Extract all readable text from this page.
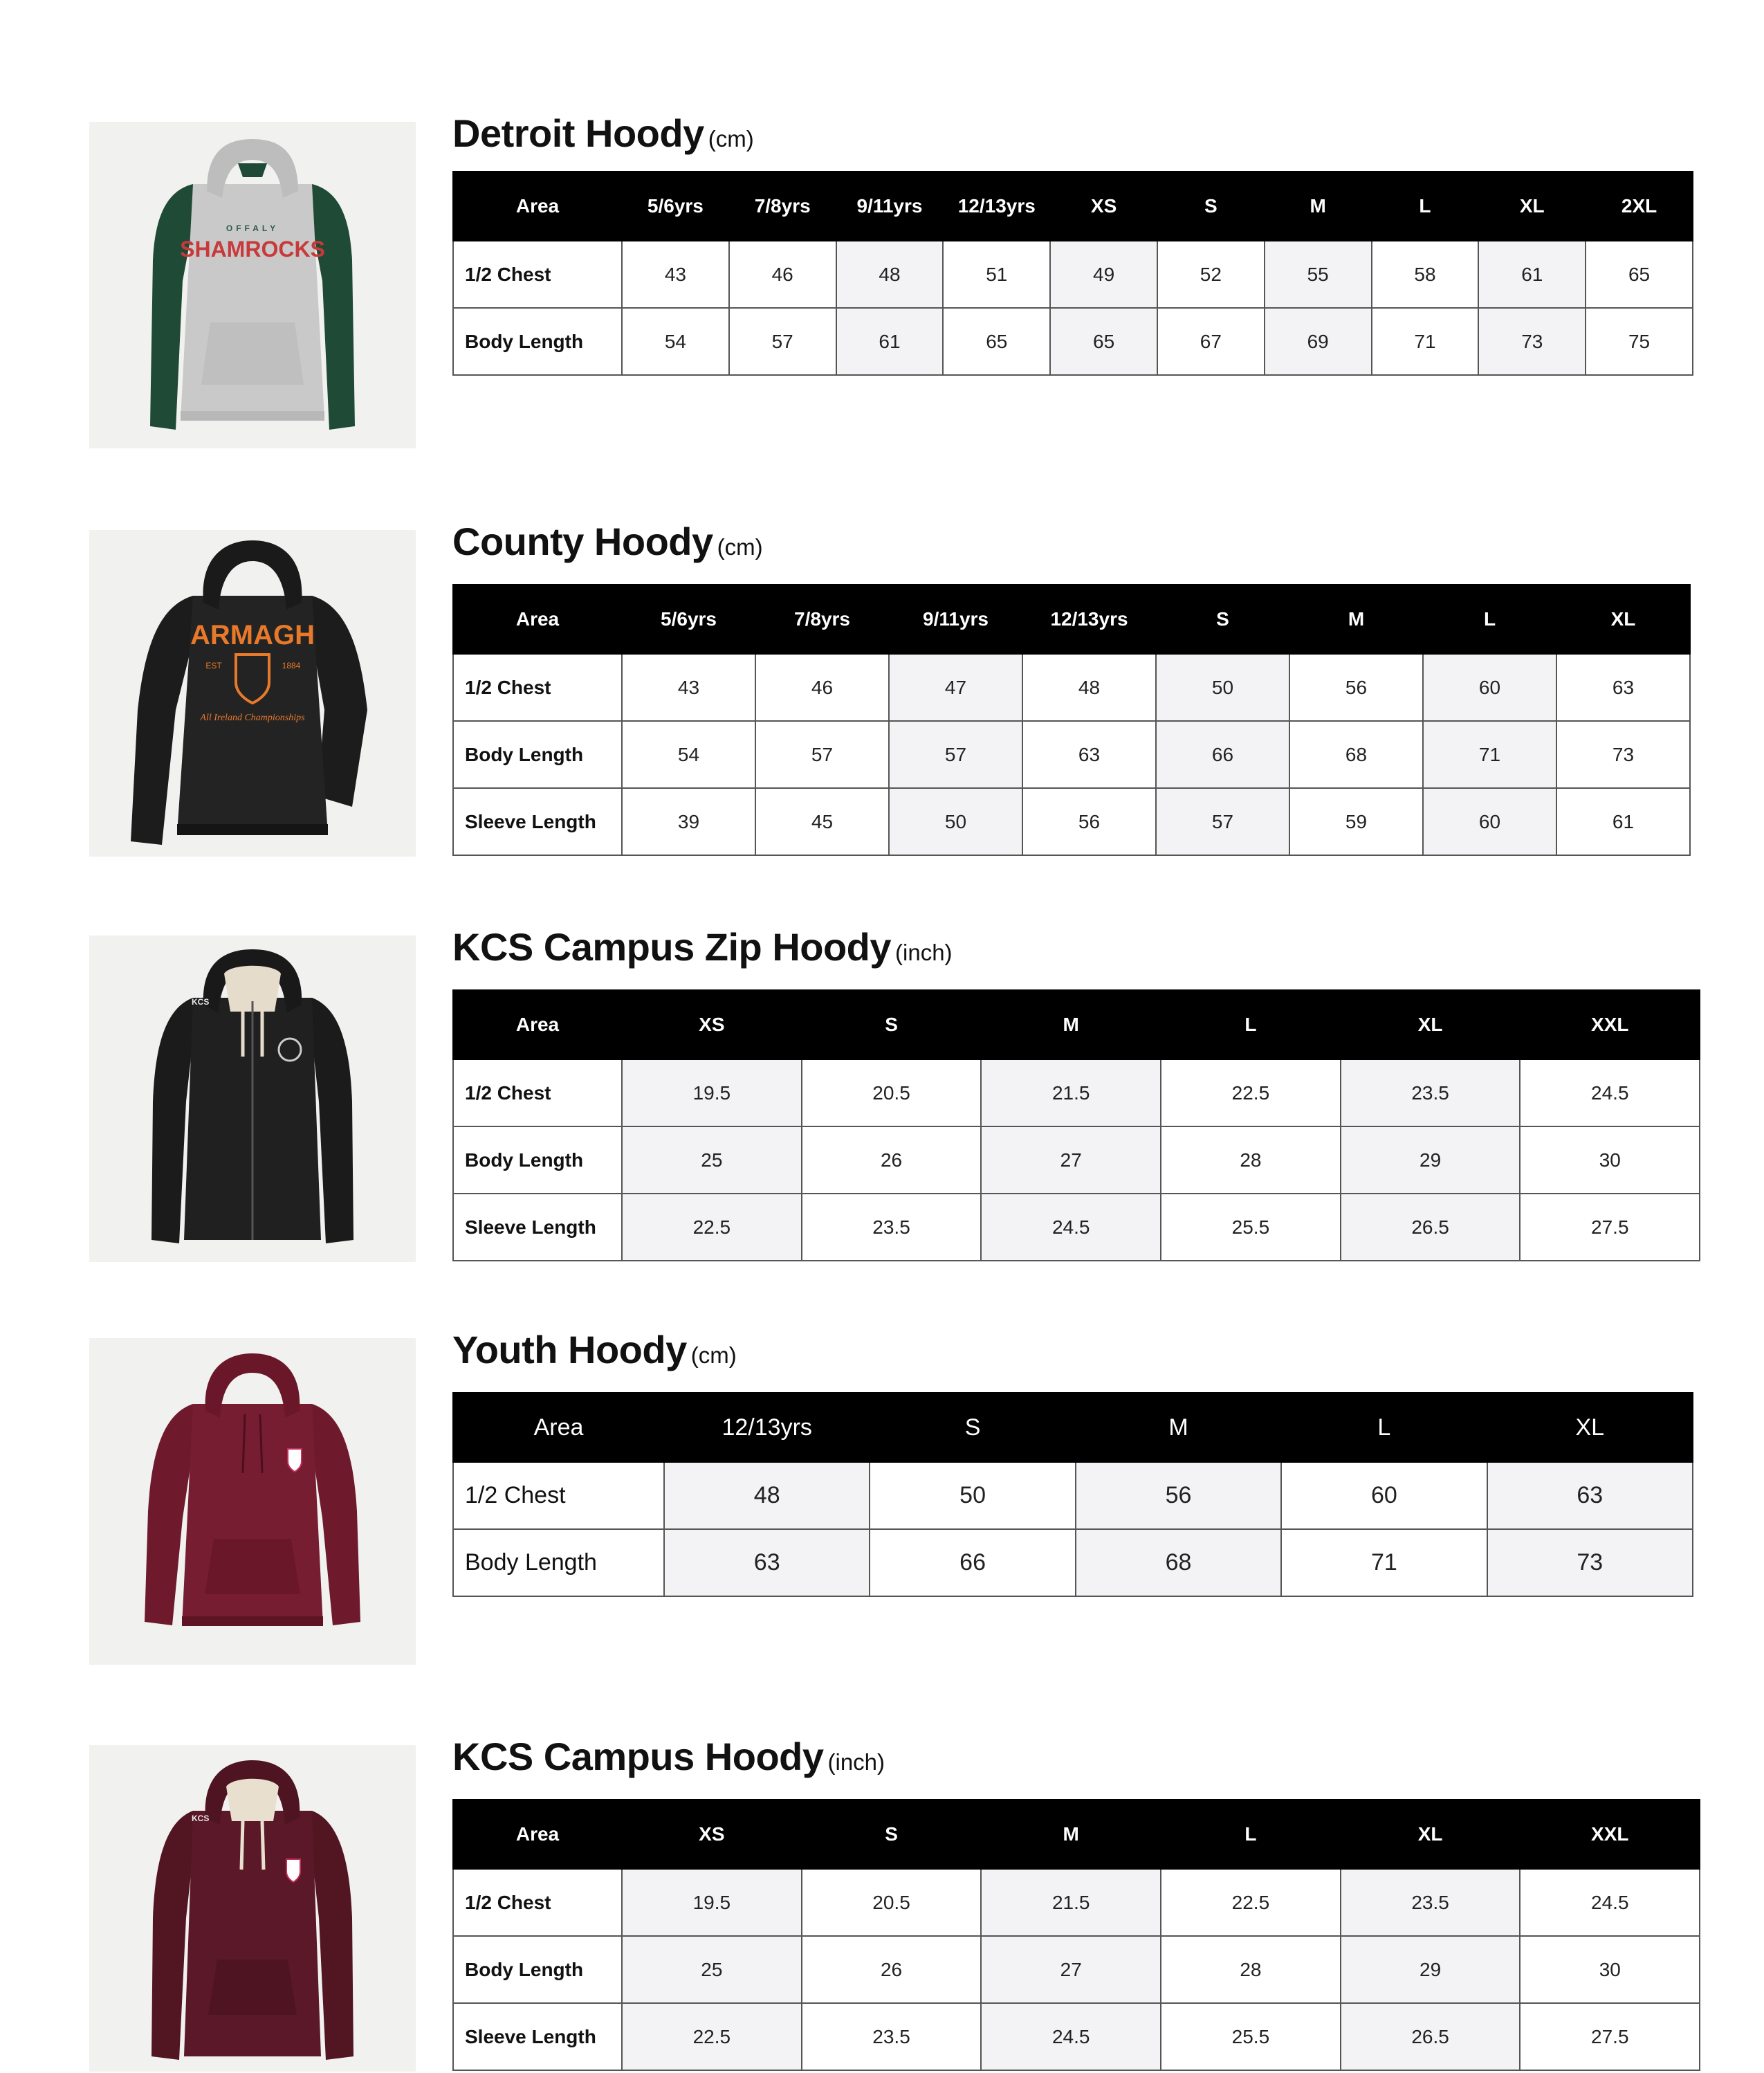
OFFALY
SHAMROCKS
Detroit Hoody (cm)
Area	5/6yrs	7/8yrs	9/11yrs	12/13yrs	XS	S	M	L	XL	2XL
1/2 Chest	43	46	48	51	49	52	55	58	61	65
Body Length	54	57	61	65	65	67	69	71	73	75
ARMAGH
EST	1884
All Ireland Championships
County Hoody (cm)
Area	5/6yrs	7/8yrs	9/11yrs	12/13yrs	S	M	L	XL
1/2 Chest	43	46	47	48	50	56	60	63
Body Length	54	57	57	63	66	68	71	73
Sleeve Length	39	45	50	56	57	59	60	61
KCS
KCS Campus Zip Hoody (inch)
Area	XS	S	M	L	XL	XXL
1/2 Chest	19.5	20.5	21.5	22.5	23.5	24.5
Body Length	25	26	27	28	29	30
Sleeve Length	22.5	23.5	24.5	25.5	26.5	27.5
Youth Hoody (cm)
Area	12/13yrs	S	M	L	XL
1/2 Chest	48	50	56	60	63
Body Length	63	66	68	71	73
KCS
KCS Campus Hoody (inch)
Area	XS	S	M	L	XL	XXL
1/2 Chest	19.5	20.5	21.5	22.5	23.5	24.5
Body Length	25	26	27	28	29	30
Sleeve Length	22.5	23.5	24.5	25.5	26.5	27.5
